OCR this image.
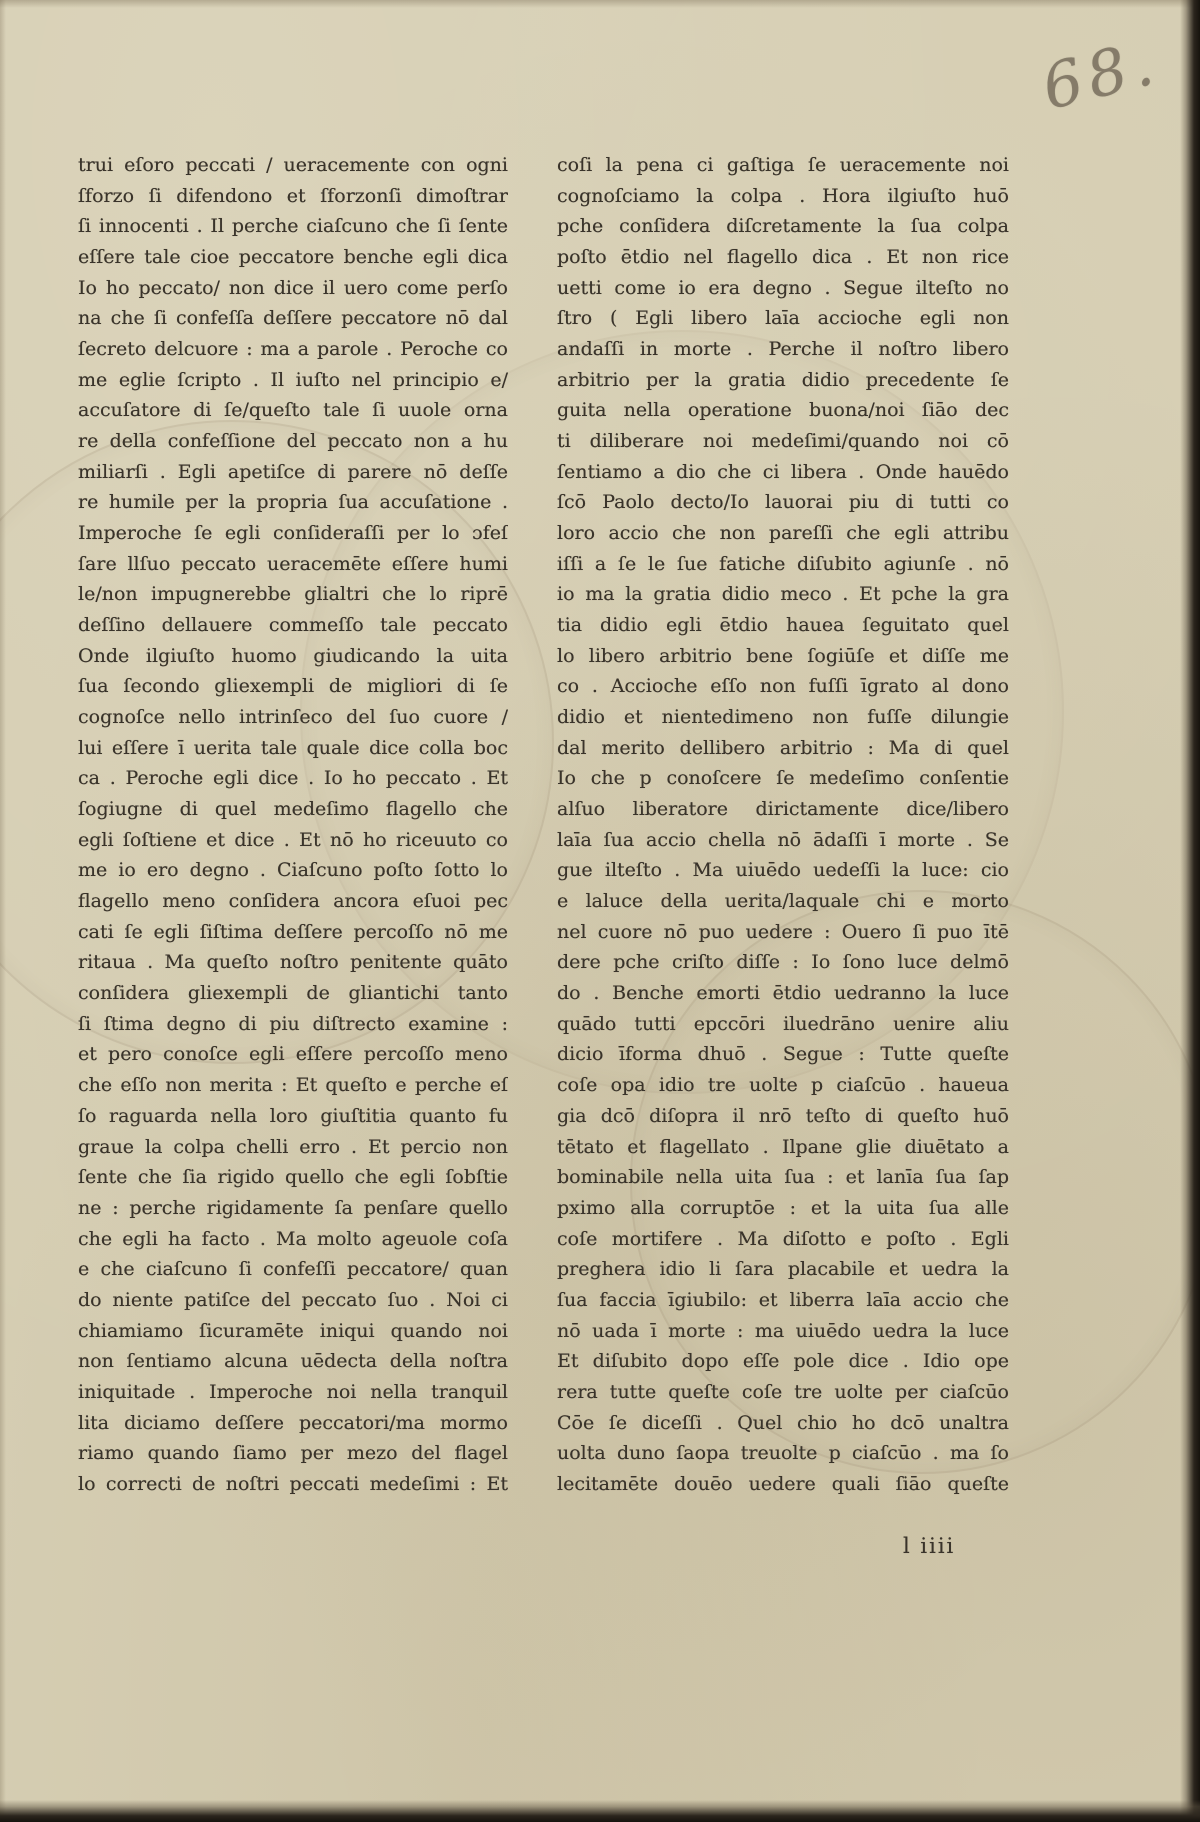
68.
trui eſoro peccati / ueracemente con ogni
ſforzo ſi difendono et ſforzonſi dimoſtrar
ſi innocenti . Il perche ciaſcuno che ſi ſente
eſſere tale cioe peccatore benche egli dica
Io ho peccato/ non dice il uero come perſo
na che ſi confeſſa deſſere peccatore nō dal
ſecreto delcuore : ma a parole . Peroche co
me eglie ſcripto . Il iuſto nel principio e/
accuſatore di ſe/queſto tale ſi uuole orna
re della confeſſione del peccato non a hu
miliarſi . Egli apetiſce di parere nō deſſe
re humile per la propria ſua accuſatione .
Imperoche ſe egli conſideraſſi per lo ɔfeſ
ſare llſuo peccato ueracemēte eſſere humi
le/non impugnerebbe glialtri che lo riprē
deſſino dellauere commeſſo tale peccato
Onde ilgiuſto huomo giudicando la uita
ſua ſecondo gliexempli de migliori di ſe
cognoſce nello intrinſeco del ſuo cuore /
lui eſſere ī uerita tale quale dice colla boc
ca . Peroche egli dice . Io ho peccato . Et
ſogiugne di quel medeſimo flagello che
egli ſoſtiene et dice . Et nō ho riceuuto co
me io ero degno . Ciaſcuno poſto ſotto lo
flagello meno conſidera ancora eſuoi pec
cati ſe egli ſiſtima deſſere percoſſo nō me
ritaua . Ma queſto noſtro penitente quāto
conſidera gliexempli de gliantichi tanto
ſi ſtima degno di piu diſtrecto examine :
et pero conoſce egli eſſere percoſſo meno
che eſſo non merita : Et queſto e perche eſ
ſo raguarda nella loro giuſtitia quanto fu
graue la colpa chelli erro . Et percio non
ſente che ſia rigido quello che egli ſobſtie
ne : perche rigidamente ſa penſare quello
che egli ha facto . Ma molto ageuole coſa
e che ciaſcuno ſi confeſſi peccatore/ quan
do niente patiſce del peccato ſuo . Noi ci
chiamiamo ſicuramēte iniqui quando noi
non ſentiamo alcuna uēdecta della noſtra
iniquitade . Imperoche noi nella tranquil
lita diciamo deſſere peccatori/ma mormo
riamo quando ſiamo per mezo del flagel
lo correcti de noſtri peccati medeſimi : Et
coſi la pena ci gaſtiga ſe ueracemente noi
cognoſciamo la colpa . Hora ilgiuſto huō
pche conſidera diſcretamente la ſua colpa
poſto ētdio nel flagello dica . Et non rice
uetti come io era degno . Segue ilteſto no
ſtro ( Egli libero laīa accioche egli non
andaſſi in morte . Perche il noſtro libero
arbitrio per la gratia didio precedente ſe
guita nella operatione buona/noi ſiāo dec
ti diliberare noi medeſimi/quando noi cō
ſentiamo a dio che ci libera . Onde hauēdo
ſcō Paolo decto/Io lauorai piu di tutti co
loro accio che non pareſſi che egli attribu
iſſi a ſe le ſue fatiche diſubito agiunſe . nō
io ma la gratia didio meco . Et pche la gra
tia didio egli ētdio hauea ſeguitato quel
lo libero arbitrio bene ſogiūſe et diſſe me
co . Accioche eſſo non fuſſi īgrato al dono
didio et nientedimeno non fuſſe dilungie
dal merito dellibero arbitrio : Ma di quel
Io che p conoſcere ſe medeſimo conſentie
alſuo liberatore dirictamente dice/libero
laīa ſua accio chella nō ādaſſi ī morte . Se
gue ilteſto . Ma uiuēdo uedeſſi la luce: cio
e laluce della uerita/laquale chi e morto
nel cuore nō puo uedere : Ouero ſi puo ītē
dere pche criſto diſſe : Io ſono luce delmō
do . Benche emorti ētdio uedranno la luce
quādo tutti epccōri iluedrāno uenire aliu
dicio īforma dhuō . Segue : Tutte queſte
coſe opa idio tre uolte p ciaſcūo . haueua
gia dcō diſopra il nrō teſto di queſto huō
tētato et flagellato . Ilpane glie diuētato a
bominabile nella uita ſua : et lanīa ſua ſap
pximo alla corruptōe : et la uita ſua alle
coſe mortifere . Ma diſotto e poſto . Egli
preghera idio li ſara placabile et uedra la
ſua faccia īgiubilo: et liberra laīa accio che
nō uada ī morte : ma uiuēdo uedra la luce
Et diſubito dopo eſſe pole dice . Idio ope
rera tutte queſte coſe tre uolte per ciaſcūo
Cōe ſe diceſſi . Quel chio ho dcō unaltra
uolta duno ſaopa treuolte p ciaſcūo . ma ſo
lecitamēte douēo uedere quali ſiāo queſte
l iiii
